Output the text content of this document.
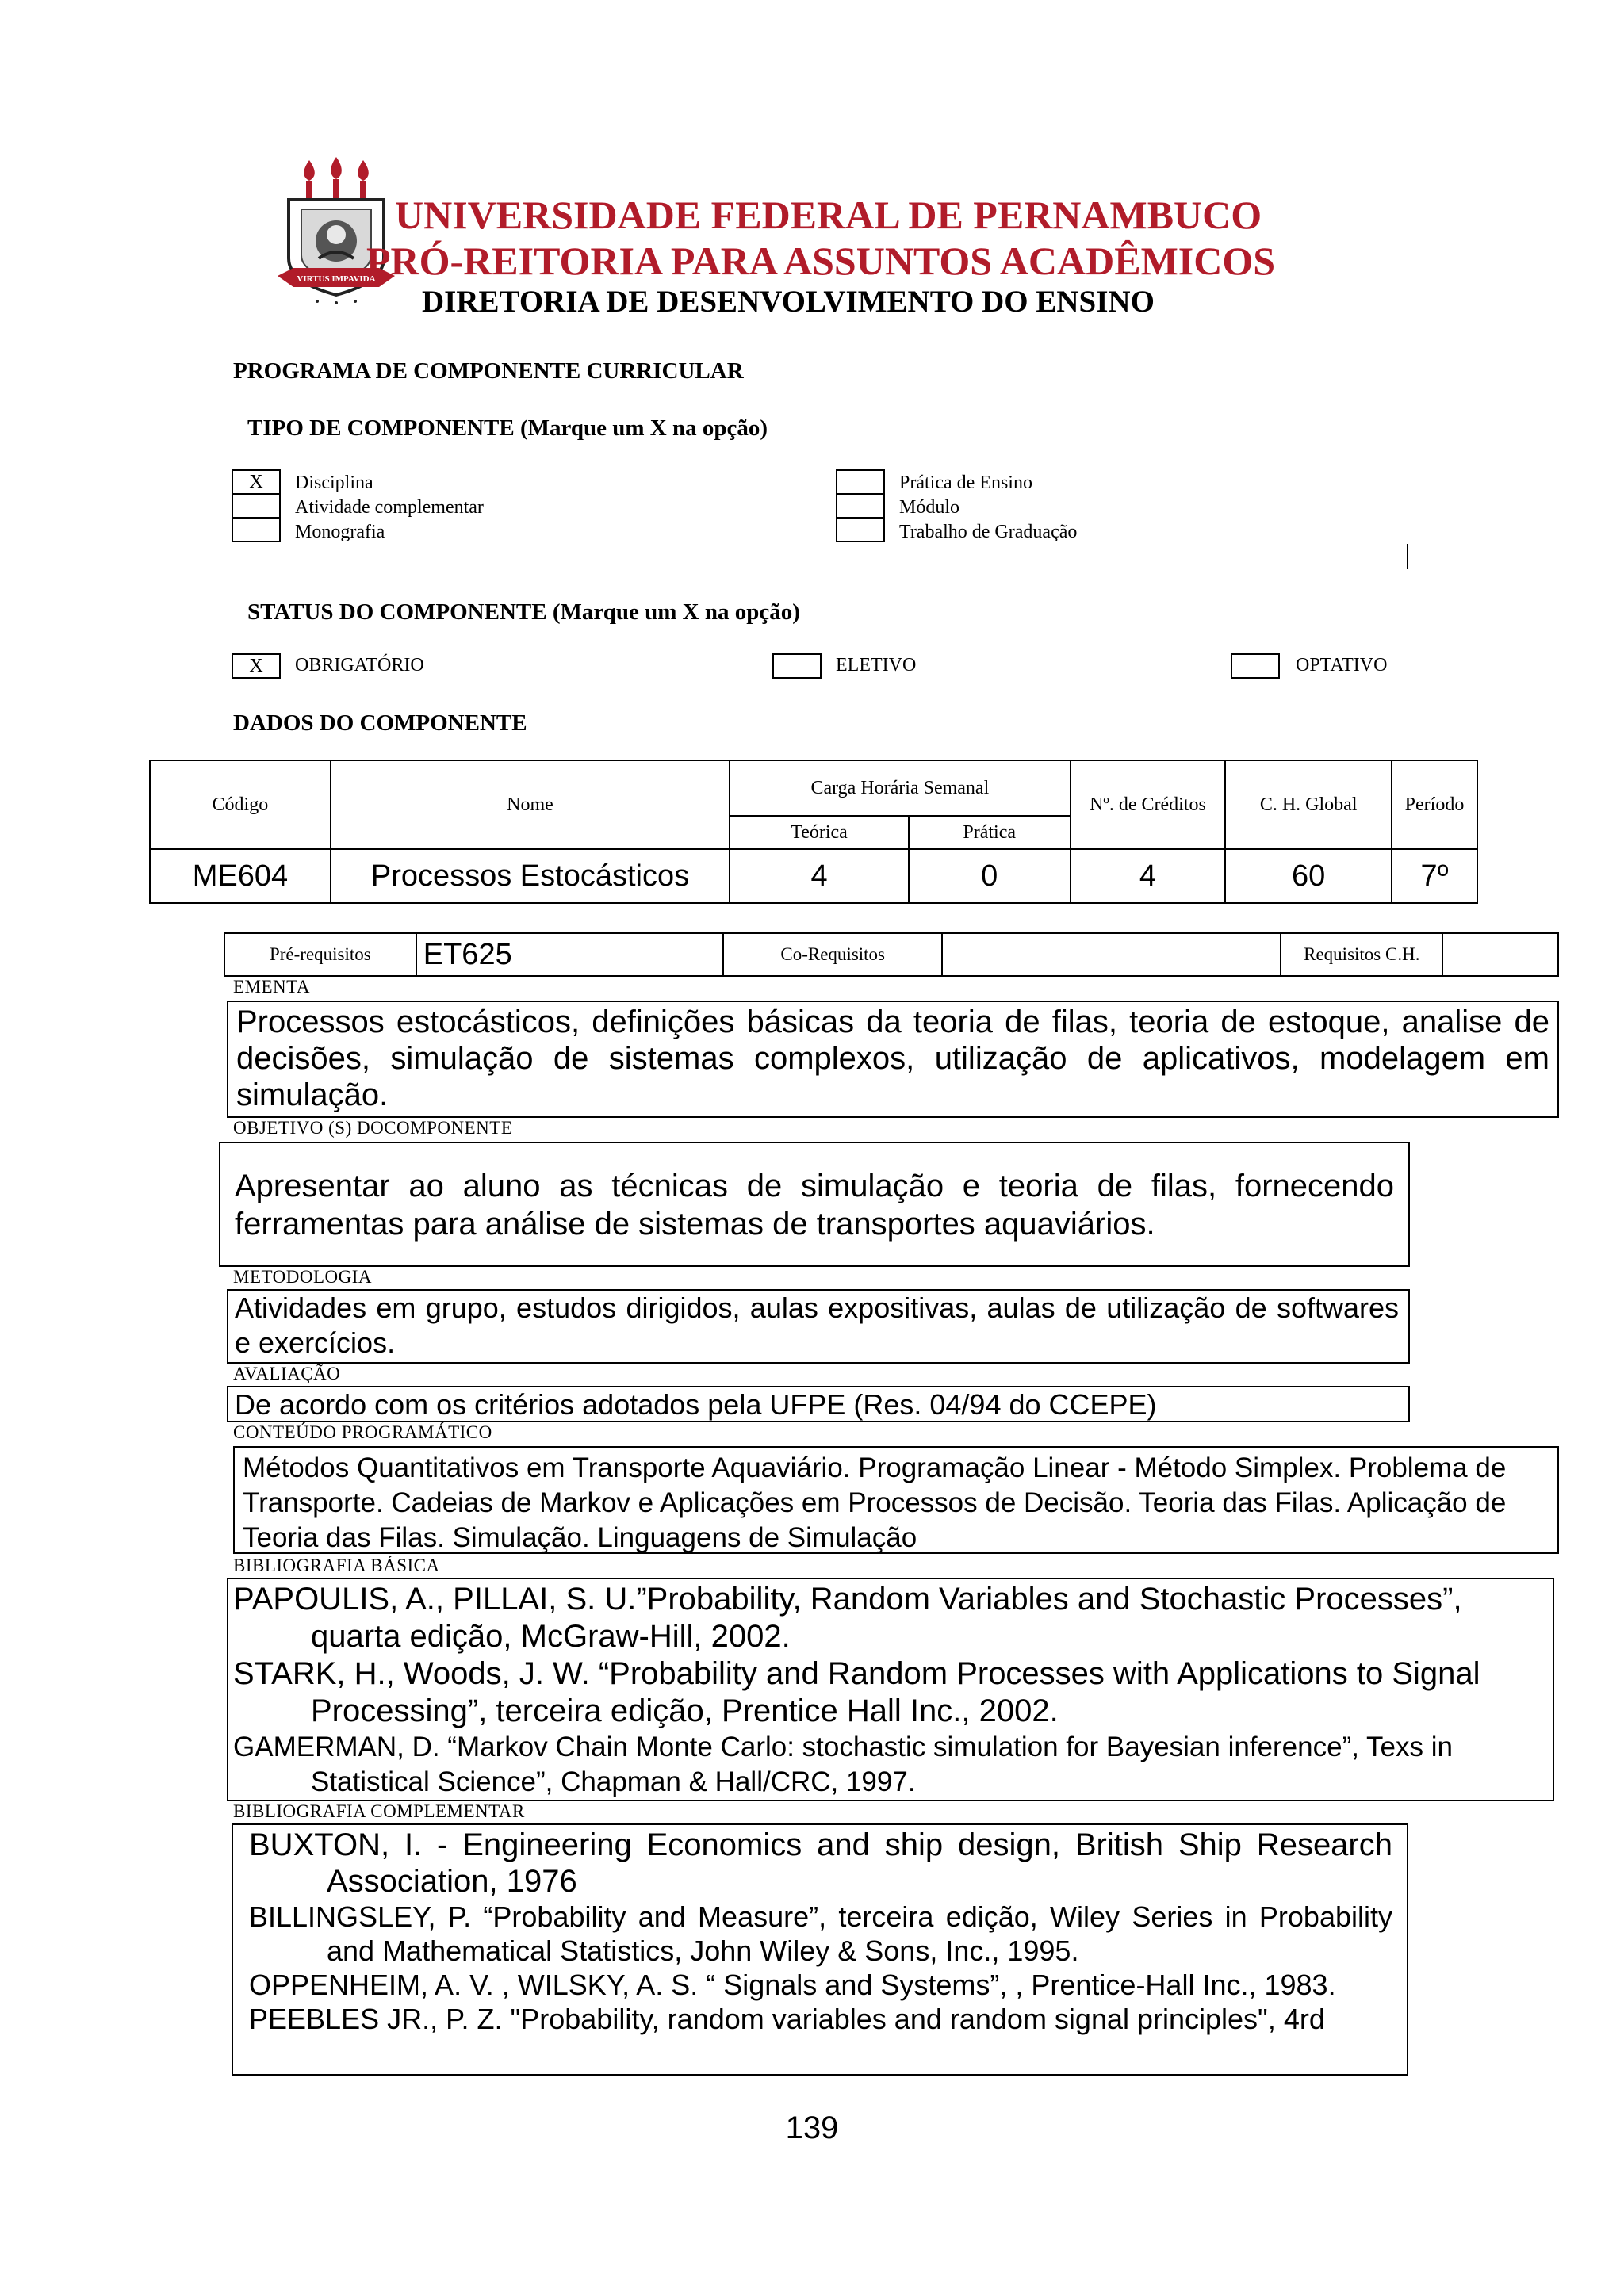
VIRTUS IMPAVIDA
UNIVERSIDADE FEDERAL DE PERNAMBUCO
PRÓ-REITORIA PARA ASSUNTOS ACADÊMICOS
DIRETORIA DE DESENVOLVIMENTO DO ENSINO
PROGRAMA DE COMPONENTE CURRICULAR
TIPO DE COMPONENTE (Marque um X na opção)
X	Disciplina
Atividade complementar
Monografia
Prática de Ensino
Módulo
Trabalho de Graduação
STATUS DO COMPONENTE (Marque um X na opção)
X	OBRIGATÓRIO	ELETIVO	OPTATIVO
DADOS DO COMPONENTE
Código	Nome	Carga Horária Semanal		Nº. de Créditos	C. H. Global	Período
		Teórica	Prática			
ME604	Processos Estocásticos	4	0	4	60	7º
Pré-requisitos	ET625	Co-Requisitos		Requisitos C.H.	
EMENTA
Processos estocásticos, definições básicas da teoria de filas, teoria de estoque, analise de decisões, simulação de sistemas complexos, utilização de aplicativos, modelagem em simulação.
OBJETIVO (S) DOCOMPONENTE
Apresentar ao aluno as técnicas de simulação e teoria de filas, fornecendo ferramentas para análise de sistemas de transportes aquaviários.
METODOLOGIA
Atividades em grupo, estudos dirigidos, aulas expositivas, aulas de utilização de softwares e exercícios.
AVALIAÇÃO
De acordo com os critérios adotados pela UFPE (Res. 04/94 do CCEPE)
CONTEÚDO PROGRAMÁTICO
Métodos Quantitativos em Transporte Aquaviário. Programação Linear - Método Simplex. Problema de Transporte. Cadeias de Markov e Aplicações em Processos de Decisão. Teoria das Filas. Aplicação de Teoria das Filas. Simulação. Linguagens de Simulação
BIBLIOGRAFIA BÁSICA

PAPOULIS, A., PILLAI, S. U.”Probability, Random Variables and Stochastic Processes”, quarta edição, McGraw-Hill, 2002.

STARK, H., Woods, J. W. “Probability and Random Processes with Applications to Signal Processing”, terceira edição, Prentice Hall Inc., 2002.

GAMERMAN, D. “Markov Chain Monte Carlo: stochastic simulation for Bayesian inference”, Texs in Statistical Science”, Chapman & Hall/CRC, 1997.

BIBLIOGRAFIA COMPLEMENTAR

BUXTON, I. - Engineering Economics and ship design, British Ship Research Association, 1976

BILLINGSLEY, P. “Probability and Measure”, terceira edição, Wiley Series in Probability and Mathematical Statistics, John Wiley & Sons, Inc., 1995.

OPPENHEIM, A. V. , WILSKY, A. S. “ Signals and Systems”, , Prentice-Hall Inc., 1983.

PEEBLES JR., P. Z. "Probability, random variables and random signal principles", 4rd

139
